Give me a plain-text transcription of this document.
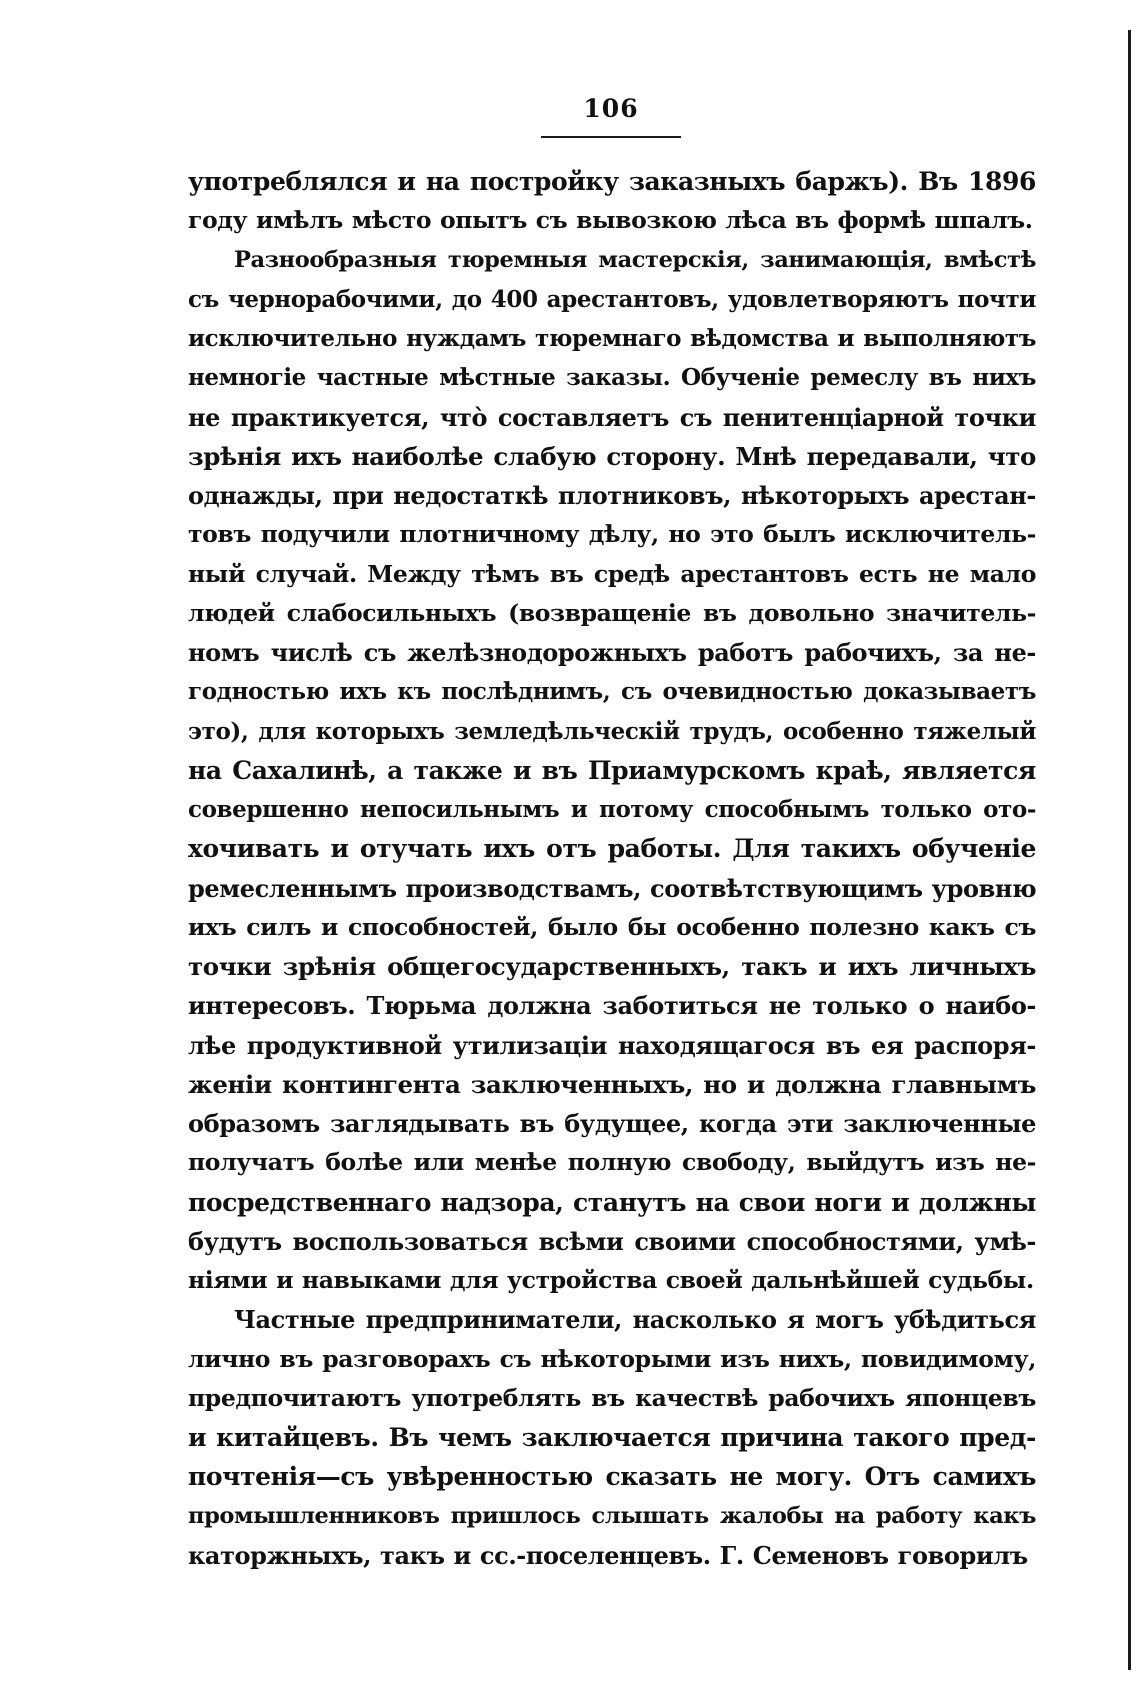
106
употреблялся и на постройку заказныхъ баржъ). Въ 1896
году имѣлъ мѣсто опытъ съ вывозкою лѣса въ формѣ шпалъ.
Разнообразныя тюремныя мастерскія, занимающія, вмѣстѣ
съ чернорабочими, до 400 арестантовъ, удовлетворяютъ почти
исключительно нуждамъ тюремнаго вѣдомства и выполняютъ
немногіе частные мѣстные заказы. Обученіе ремеслу въ нихъ
не практикуется, что̀ составляетъ съ пенитенціарной точки
зрѣнія ихъ наиболѣе слабую сторону. Мнѣ передавали, что
однажды, при недостаткѣ плотниковъ, нѣкоторыхъ арестан-
товъ подучили плотничному дѣлу, но это былъ исключитель-
ный случай. Между тѣмъ въ средѣ арестантовъ есть не мало
людей слабосильныхъ (возвращеніе въ довольно значитель-
номъ числѣ съ желѣзнодорожныхъ работъ рабочихъ, за не-
годностью ихъ къ послѣднимъ, съ очевидностью доказываетъ
это), для которыхъ земледѣльческій трудъ, особенно тяжелый
на Сахалинѣ, а также и въ Приамурскомъ краѣ, является
совершенно непосильнымъ и потому способнымъ только ото-
хочивать и отучать ихъ отъ работы. Для такихъ обученіе
ремесленнымъ производствамъ, соотвѣтствующимъ уровню
ихъ силъ и способностей, было бы особенно полезно какъ съ
точки зрѣнія общегосударственныхъ, такъ и ихъ личныхъ
интересовъ. Тюрьма должна заботиться не только о наибо-
лѣе продуктивной утилизаціи находящагося въ ея распоря-
женіи контингента заключенныхъ, но и должна главнымъ
образомъ заглядывать въ будущее, когда эти заключенные
получатъ болѣе или менѣе полную свободу, выйдутъ изъ не-
посредственнаго надзора, станутъ на свои ноги и должны
будутъ воспользоваться всѣми своими способностями, умѣ-
ніями и навыками для устройства своей дальнѣйшей судьбы.
Частные предприниматели, насколько я могъ убѣдиться
лично въ разговорахъ съ нѣкоторыми изъ нихъ, повидимому,
предпочитаютъ употреблять въ качествѣ рабочихъ японцевъ
и китайцевъ. Въ чемъ заключается причина такого пред-
почтенія—съ увѣренностью сказать не могу. Отъ самихъ
промышленниковъ пришлось слышать жалобы на работу какъ
каторжныхъ, такъ и сс.-поселенцевъ. Г. Семеновъ говорилъ
